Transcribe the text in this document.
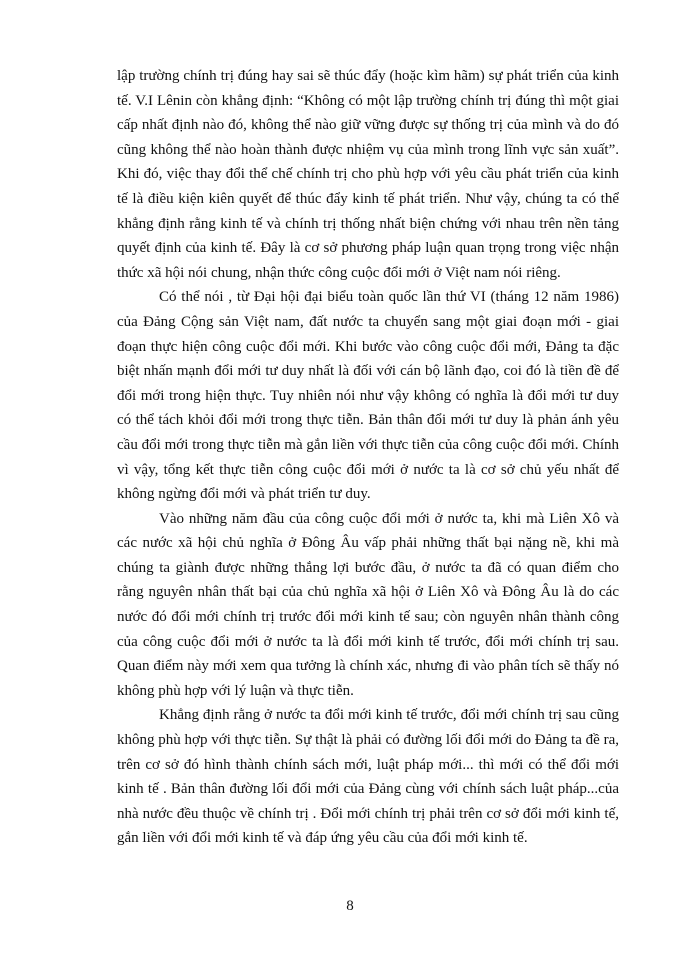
lập trường chính trị đúng hay sai sẽ thúc đẩy (hoặc kìm hãm) sự phát triển của kinh tế. V.I Lênin còn khẳng định: “Không có một lập trường chính trị đúng thì một giai cấp nhất định nào đó, không thể nào giữ vững được sự thống trị của mình và do đó cũng không thể nào hoàn thành được nhiệm vụ của mình trong lĩnh vực sản xuất”. Khi đó, việc thay đổi thể chế chính trị cho phù hợp với yêu cầu phát triển của kinh tế là điều kiện kiên quyết để thúc đẩy kinh tế phát triển. Như vậy, chúng ta có thể khẳng định rằng kinh tế và chính trị thống nhất biện chứng với nhau trên nền tảng quyết định của kinh tế. Đây là cơ sở phương pháp luận quan trọng trong việc nhận thức xã hội nói chung, nhận thức công cuộc đổi mới ở Việt nam nói riêng.

Có thể nói , từ Đại hội đại biểu toàn quốc lần thứ VI (tháng 12 năm 1986) của Đảng Cộng sản Việt nam, đất nước ta chuyển sang một giai đoạn mới - giai đoạn thực hiện công cuộc đổi mới. Khi bước vào công cuộc đổi mới, Đảng ta đặc biệt nhấn mạnh đổi mới tư duy nhất là đối với cán bộ lãnh đạo, coi đó là tiền đề để đổi mới trong hiện thực. Tuy nhiên nói như vậy không có nghĩa là đổi mới tư duy có thể tách khỏi đổi mới trong thực tiễn. Bản thân đổi mới tư duy là phản ánh yêu cầu đổi mới trong thực tiễn mà gắn liền với thực tiễn của công cuộc đổi mới. Chính vì vậy, tổng kết thực tiễn công cuộc đổi mới ở nước ta là cơ sở chủ yếu nhất để không ngừng đổi mới và phát triển tư duy.

Vào những năm đầu của công cuộc đổi mới ở nước ta, khi mà Liên Xô và các nước xã hội chủ nghĩa ở Đông Âu vấp phải những thất bại nặng nề, khi mà chúng ta giành được những thắng lợi bước đầu, ở nước ta đã có quan điểm cho rằng nguyên nhân thất bại của chủ nghĩa xã hội ở Liên Xô và Đông Âu là do các nước đó đổi mới chính trị trước đổi mới kinh tế sau; còn nguyên nhân thành công của công cuộc đổi mới ở nước ta là đổi mới kinh tế trước, đổi mới chính trị sau. Quan điểm này mới xem qua tưởng là chính xác, nhưng đi vào phân tích sẽ thấy nó không phù hợp với lý luận và thực tiễn.

Khẳng định rằng ở nước ta đổi mới kinh tế trước, đổi mới chính trị sau cũng không phù hợp với thực tiễn. Sự thật là phải có đường lối đổi mới do Đảng ta đề ra, trên cơ sở đó hình thành chính sách mới, luật pháp mới... thì mới có thể đổi mới kinh tế . Bản thân đường lối đổi mới của Đảng cùng với chính sách luật pháp...của nhà nước đều thuộc về chính trị . Đổi mới chính trị phải trên cơ sở đổi mới kinh tế, gắn liền với đổi mới kinh tế và đáp ứng yêu cầu của đổi mới kinh tế.

8
